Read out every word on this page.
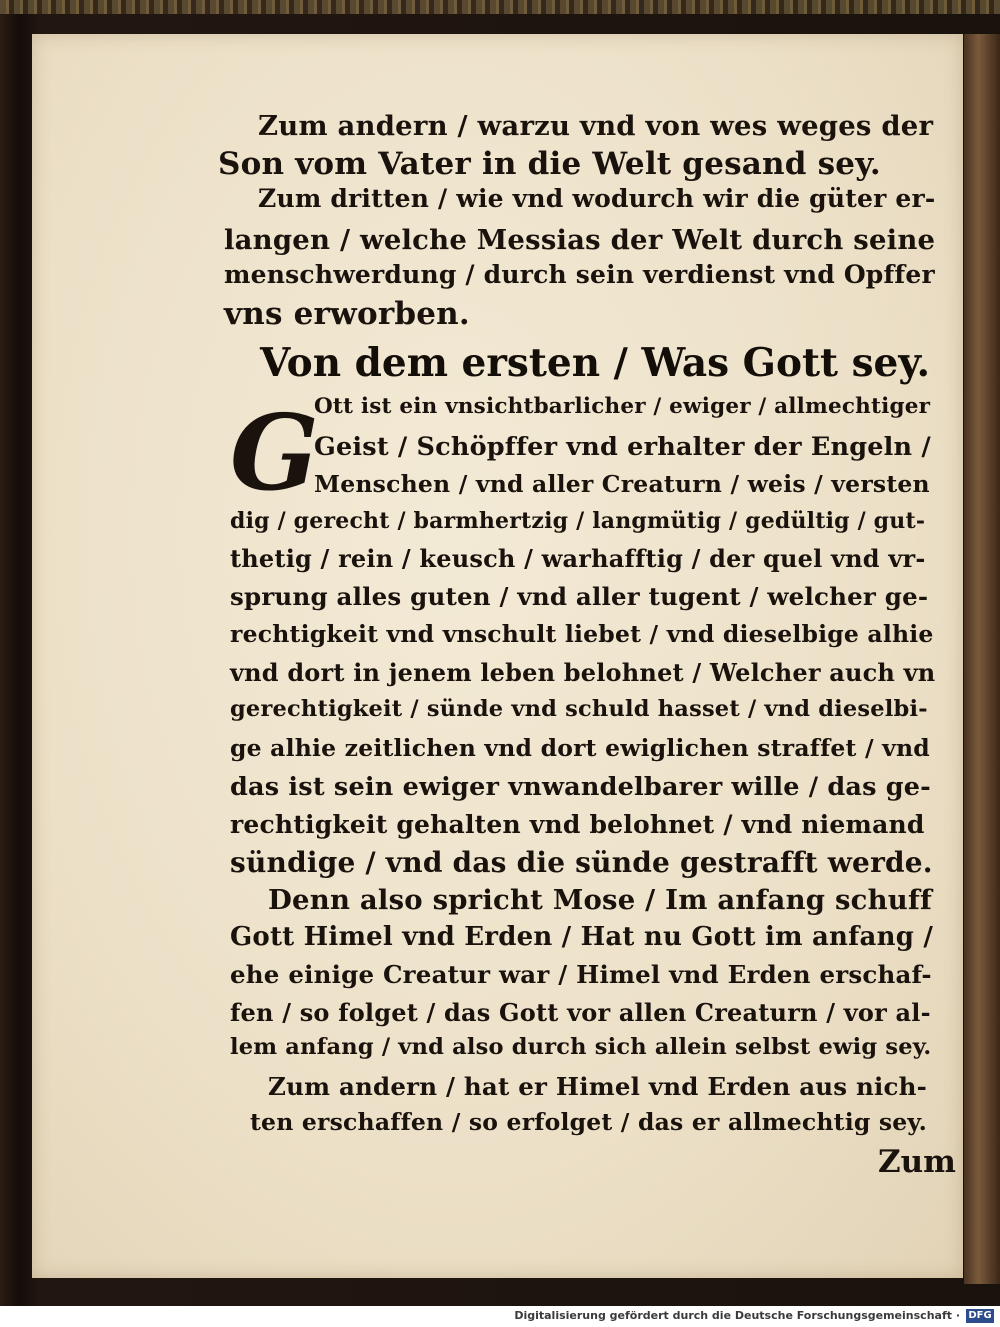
Zum andern / warzu vnd von wes weges der
Son vom Vater in die Welt gesand sey.
Zum dritten / wie vnd wodurch wir die güter er-
langen / welche Messias der Welt durch seine
menschwerdung / durch sein verdienst vnd Opffer
vns erworben.
Von dem ersten / Was Gott sey.
G
Ott ist ein vnsichtbarlicher / ewiger / allmechtiger
Geist / Schöpffer vnd erhalter der Engeln /
Menschen / vnd aller Creaturn / weis / versten
dig / gerecht / barmhertzig / langmütig / gedültig / gut-
thetig / rein / keusch / warhafftig / der quel vnd vr-
sprung alles guten / vnd aller tugent / welcher ge-
rechtigkeit vnd vnschult liebet / vnd dieselbige alhie
vnd dort in jenem leben belohnet / Welcher auch vn
gerechtigkeit / sünde vnd schuld hasset / vnd dieselbi-
ge alhie zeitlichen vnd dort ewiglichen straffet / vnd
das ist sein ewiger vnwandelbarer wille / das ge-
rechtigkeit gehalten vnd belohnet / vnd niemand
sündige / vnd das die sünde gestrafft werde.
Denn also spricht Mose / Im anfang schuff
Gott Himel vnd Erden / Hat nu Gott im anfang /
ehe einige Creatur war / Himel vnd Erden erschaf-
fen / so folget / das Gott vor allen Creaturn / vor al-
lem anfang / vnd also durch sich allein selbst ewig sey.
Zum andern / hat er Himel vnd Erden aus nich-
ten erschaffen / so erfolget / das er allmechtig sey.
Zum
Digitalisierung gefördert durch die Deutsche Forschungsgemeinschaft · DFG
